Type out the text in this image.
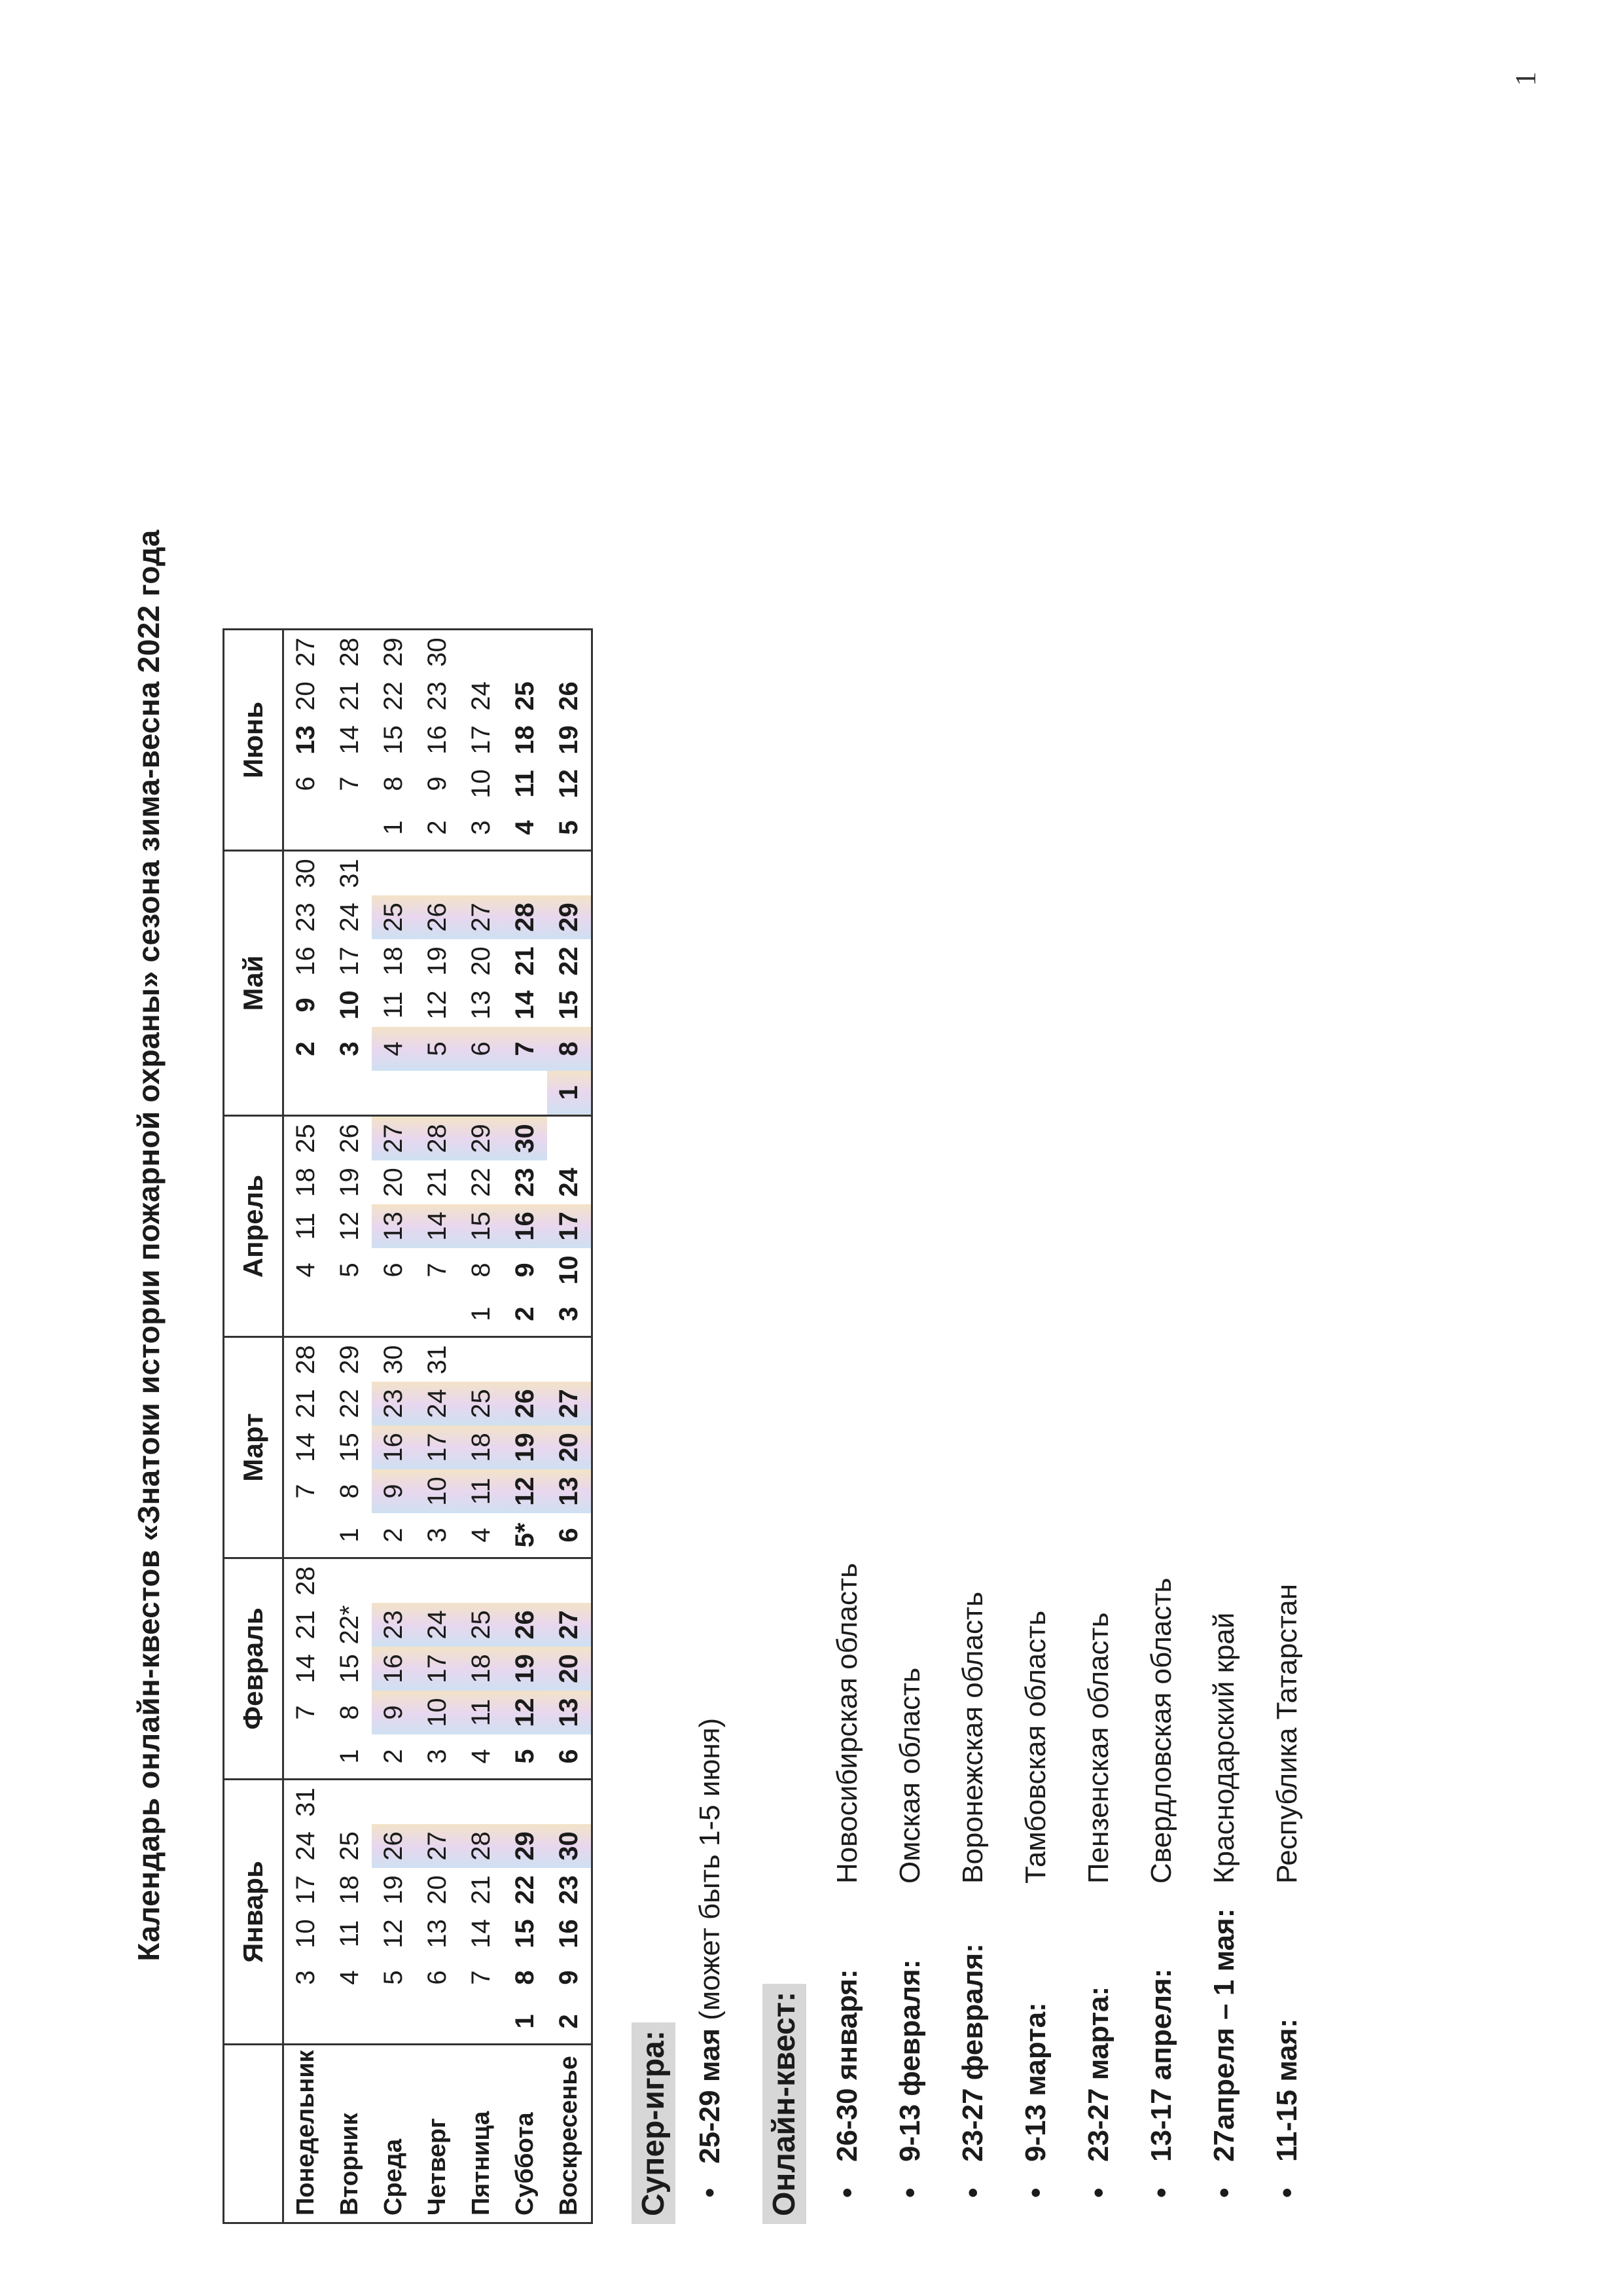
1
Календарь онлайн-квестов «Знатоки истории пожарной охраны» сезона зима-весна 2022 года
		Январь						Февраль					Март					Апрель					Май						Июнь				
Понедельник		3	10	17	24	31		7	14	21	28		7	14	21	28		4	11	18	25		2	9	16	23	30		6	13	20	27
Вторник		4	11	18	25		1	8	15	22*		1	8	15	22	29		5	12	19	26		3	10	17	24	31		7	14	21	28
Среда		5	12	19	26		2	9	16	23		2	9	16	23	30		6	13	20	27		4	11	18	25		1	8	15	22	29
Четверг		6	13	20	27		3	10	17	24		3	10	17	24	31		7	14	21	28		5	12	19	26		2	9	16	23	30
Пятница		7	14	21	28		4	11	18	25		4	11	18	25		1	8	15	22	29		6	13	20	27		3	10	17	24	
Суббота	1	8	15	22	29		5	12	19	26		5*	12	19	26		2	9	16	23	30		7	14	21	28		4	11	18	25	
Воскресенье	2	9	16	23	30		6	13	20	27		6	13	20	27		3	10	17	24		1	8	15	22	29		5	12	19	26	
Супер-игра: •   25-29 мая (может быть 1-5 июня)
Онлайн-квест: •
26-30 января:
Новосибирская область
•
9-13 февраля:
Омская область
•
23-27 февраля:
Воронежская область
•
9-13 марта:
Тамбовская область
•
23-27 марта:
Пензенская область
•
13-17 апреля:
Свердловская область
•
27апреля – 1 мая:
Краснодарский край
•
11-15 мая:
Республика Татарстан
